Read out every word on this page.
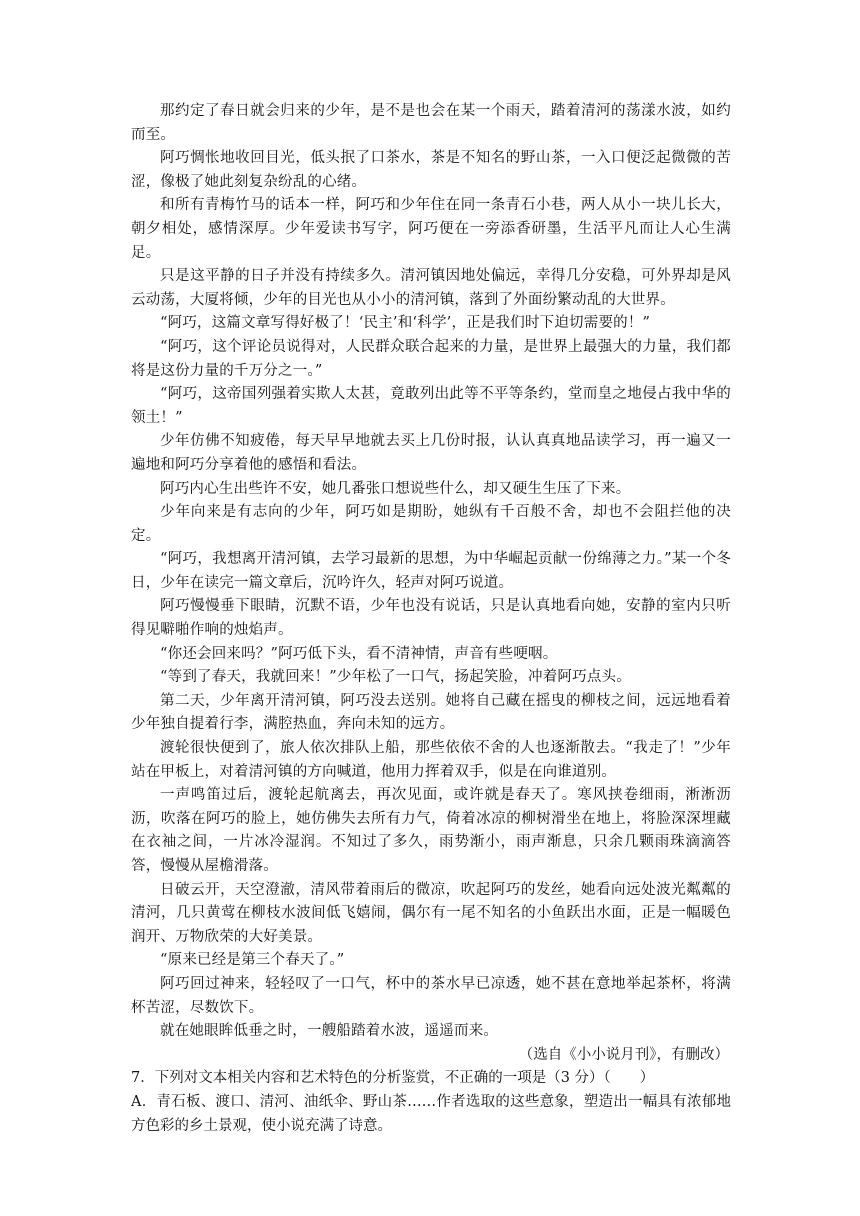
那约定了春日就会归来的少年，是不是也会在某一个雨天，踏着清河的荡漾水波，如约而至。

阿巧惆怅地收回目光，低头抿了口茶水，茶是不知名的野山茶，一入口便泛起微微的苦涩，像极了她此刻复杂纷乱的心绪。

和所有青梅竹马的话本一样，阿巧和少年住在同一条青石小巷，两人从小一块儿长大，朝夕相处，感情深厚。少年爱读书写字，阿巧便在一旁添香研墨，生活平凡而让人心生满足。

只是这平静的日子并没有持续多久。清河镇因地处偏远，幸得几分安稳，可外界却是风云动荡，大厦将倾，少年的目光也从小小的清河镇，落到了外面纷繁动乱的大世界。

“阿巧，这篇文章写得好极了！‘民主’和‘科学’，正是我们时下迫切需要的！”

“阿巧，这个评论员说得对，人民群众联合起来的力量，是世界上最强大的力量，我们都将是这份力量的千万分之一。”

“阿巧，这帝国列强着实欺人太甚，竟敢列出此等不平等条约，堂而皇之地侵占我中华的领土！”

少年仿佛不知疲倦，每天早早地就去买上几份时报，认认真真地品读学习，再一遍又一遍地和阿巧分享着他的感悟和看法。

阿巧内心生出些许不安，她几番张口想说些什么，却又硬生生压了下来。

少年向来是有志向的少年，阿巧如是期盼，她纵有千百般不舍，却也不会阻拦他的决定。

“阿巧，我想离开清河镇，去学习最新的思想，为中华崛起贡献一份绵薄之力。”某一个冬日，少年在读完一篇文章后，沉吟许久，轻声对阿巧说道。

阿巧慢慢垂下眼睛，沉默不语，少年也没有说话，只是认真地看向她，安静的室内只听得见噼啪作响的烛焰声。

“你还会回来吗？”阿巧低下头，看不清神情，声音有些哽咽。

“等到了春天，我就回来！”少年松了一口气，扬起笑脸，冲着阿巧点头。

第二天，少年离开清河镇，阿巧没去送别。她将自己藏在摇曳的柳枝之间，远远地看着少年独自提着行李，满腔热血，奔向未知的远方。

渡轮很快便到了，旅人依次排队上船，那些依依不舍的人也逐渐散去。“我走了！”少年站在甲板上，对着清河镇的方向喊道，他用力挥着双手，似是在向谁道别。

一声鸣笛过后，渡轮起航离去，再次见面，或许就是春天了。寒风挟卷细雨，淅淅沥沥，吹落在阿巧的脸上，她仿佛失去所有力气，倚着冰凉的柳树滑坐在地上，将脸深深埋藏在衣袖之间，一片冰冷湿润。不知过了多久，雨势渐小，雨声渐息，只余几颗雨珠滴滴答答，慢慢从屋檐滑落。

日破云开，天空澄澈，清风带着雨后的微凉，吹起阿巧的发丝，她看向远处波光粼粼的清河，几只黄莺在柳枝水波间低飞嬉闹，偶尔有一尾不知名的小鱼跃出水面，正是一幅暖色润开、万物欣荣的大好美景。

“原来已经是第三个春天了。”

阿巧回过神来，轻轻叹了一口气，杯中的茶水早已凉透，她不甚在意地举起茶杯，将满杯苦涩，尽数饮下。

就在她眼眸低垂之时，一艘船踏着水波，遥遥而来。

（选自《小小说月刊》，有删改）

7．下列对文本相关内容和艺术特色的分析鉴赏，不正确的一项是（3 分）（　　）

A．青石板、渡口、清河、油纸伞、野山茶……作者选取的这些意象，塑造出一幅具有浓郁地方色彩的乡土景观，使小说充满了诗意。
